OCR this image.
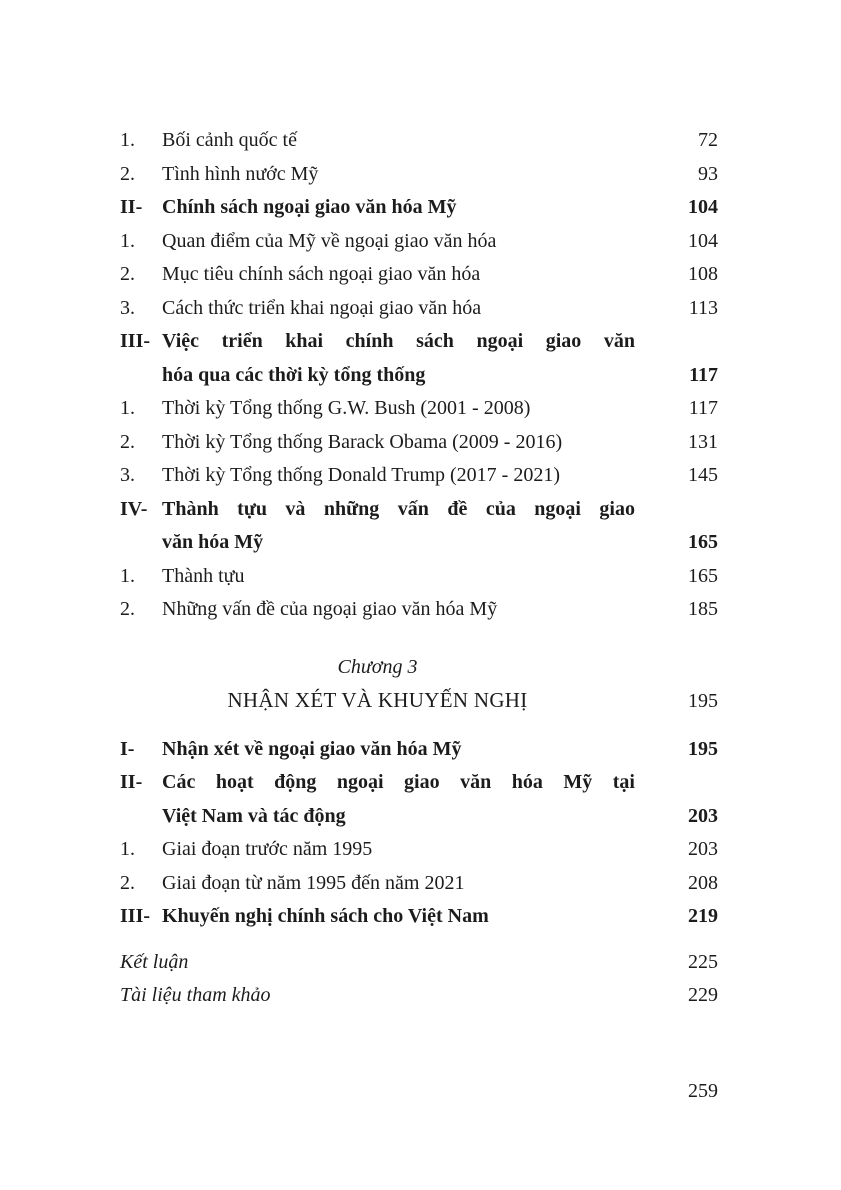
1.	Bối cảnh quốc tế	72
2.	Tình hình nước Mỹ	93
II- Chính sách ngoại giao văn hóa Mỹ	104
1.	Quan điểm của Mỹ về ngoại giao văn hóa	104
2.	Mục tiêu chính sách ngoại giao văn hóa	108
3.	Cách thức triển khai ngoại giao văn hóa	113
III- Việc triển khai chính sách ngoại giao văn
hóa qua các thời kỳ tổng thống	117
1.	Thời kỳ Tổng thống G.W. Bush (2001 - 2008)	117
2.	Thời kỳ Tổng thống Barack Obama (2009 - 2016)	131
3.	Thời kỳ Tổng thống Donald Trump (2017 - 2021)	145
IV- Thành tựu và những vấn đề của ngoại giao
văn hóa Mỹ	165
1.	Thành tựu	165
2.	Những vấn đề của ngoại giao văn hóa Mỹ	185
Chương 3
NHẬN XÉT VÀ KHUYẾN NGHỊ	195
I-	Nhận xét về ngoại giao văn hóa Mỹ	195
II- Các hoạt động ngoại giao văn hóa Mỹ tại
Việt Nam và tác động	203
1.	Giai đoạn trước năm 1995	203
2.	Giai đoạn từ năm 1995 đến năm 2021	208
III- Khuyến nghị chính sách cho Việt Nam	219
Kết luận	225
Tài liệu tham khảo	229
259
